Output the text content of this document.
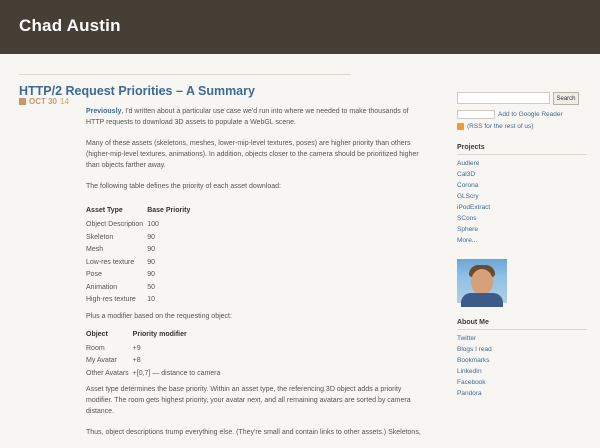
Chad Austin
HTTP/2 Request Priorities – A Summary
OCT 30 14

Previously, I'd written about a particular use case we'd run into where we needed to make thousands of HTTP requests to download 3D assets to populate a WebGL scene.

Many of these assets (skeletons, meshes, lower-mip-level textures, poses) are higher priority than others (higher-mip-level textures, animations). In addition, objects closer to the camera should be prioritized higher than objects farther away.

The following table defines the priority of each asset download:

Asset Type	Base Priority
Object Description	100
Skeleton	90
Mesh	90
Low-res texture	90
Pose	90
Animation	50
High-res texture	10

Plus a modifier based on the requesting object:

Object	Priority modifier
Room	+9
My Avatar	+8
Other Avatars	+[0,7] — distance to camera

Asset type determines the base priority. Within an asset type, the referencing 3D object adds a priority modifier. The room gets highest priority, your avatar next, and all remaining avatars are sorted by camera distance.

Thus, object descriptions trump everything else. (They're small and contain links to other assets.) Skeletons,

Search
Add to Google Reader
(RSS for the rest of us)
Projects
Audiere
Cal3D
Corona
GLScry
iPodExtract
SCons
Sphere
More...
About Me
Twitter
Blogs I read
Bookmarks
LinkedIn
Facebook
Pandora
